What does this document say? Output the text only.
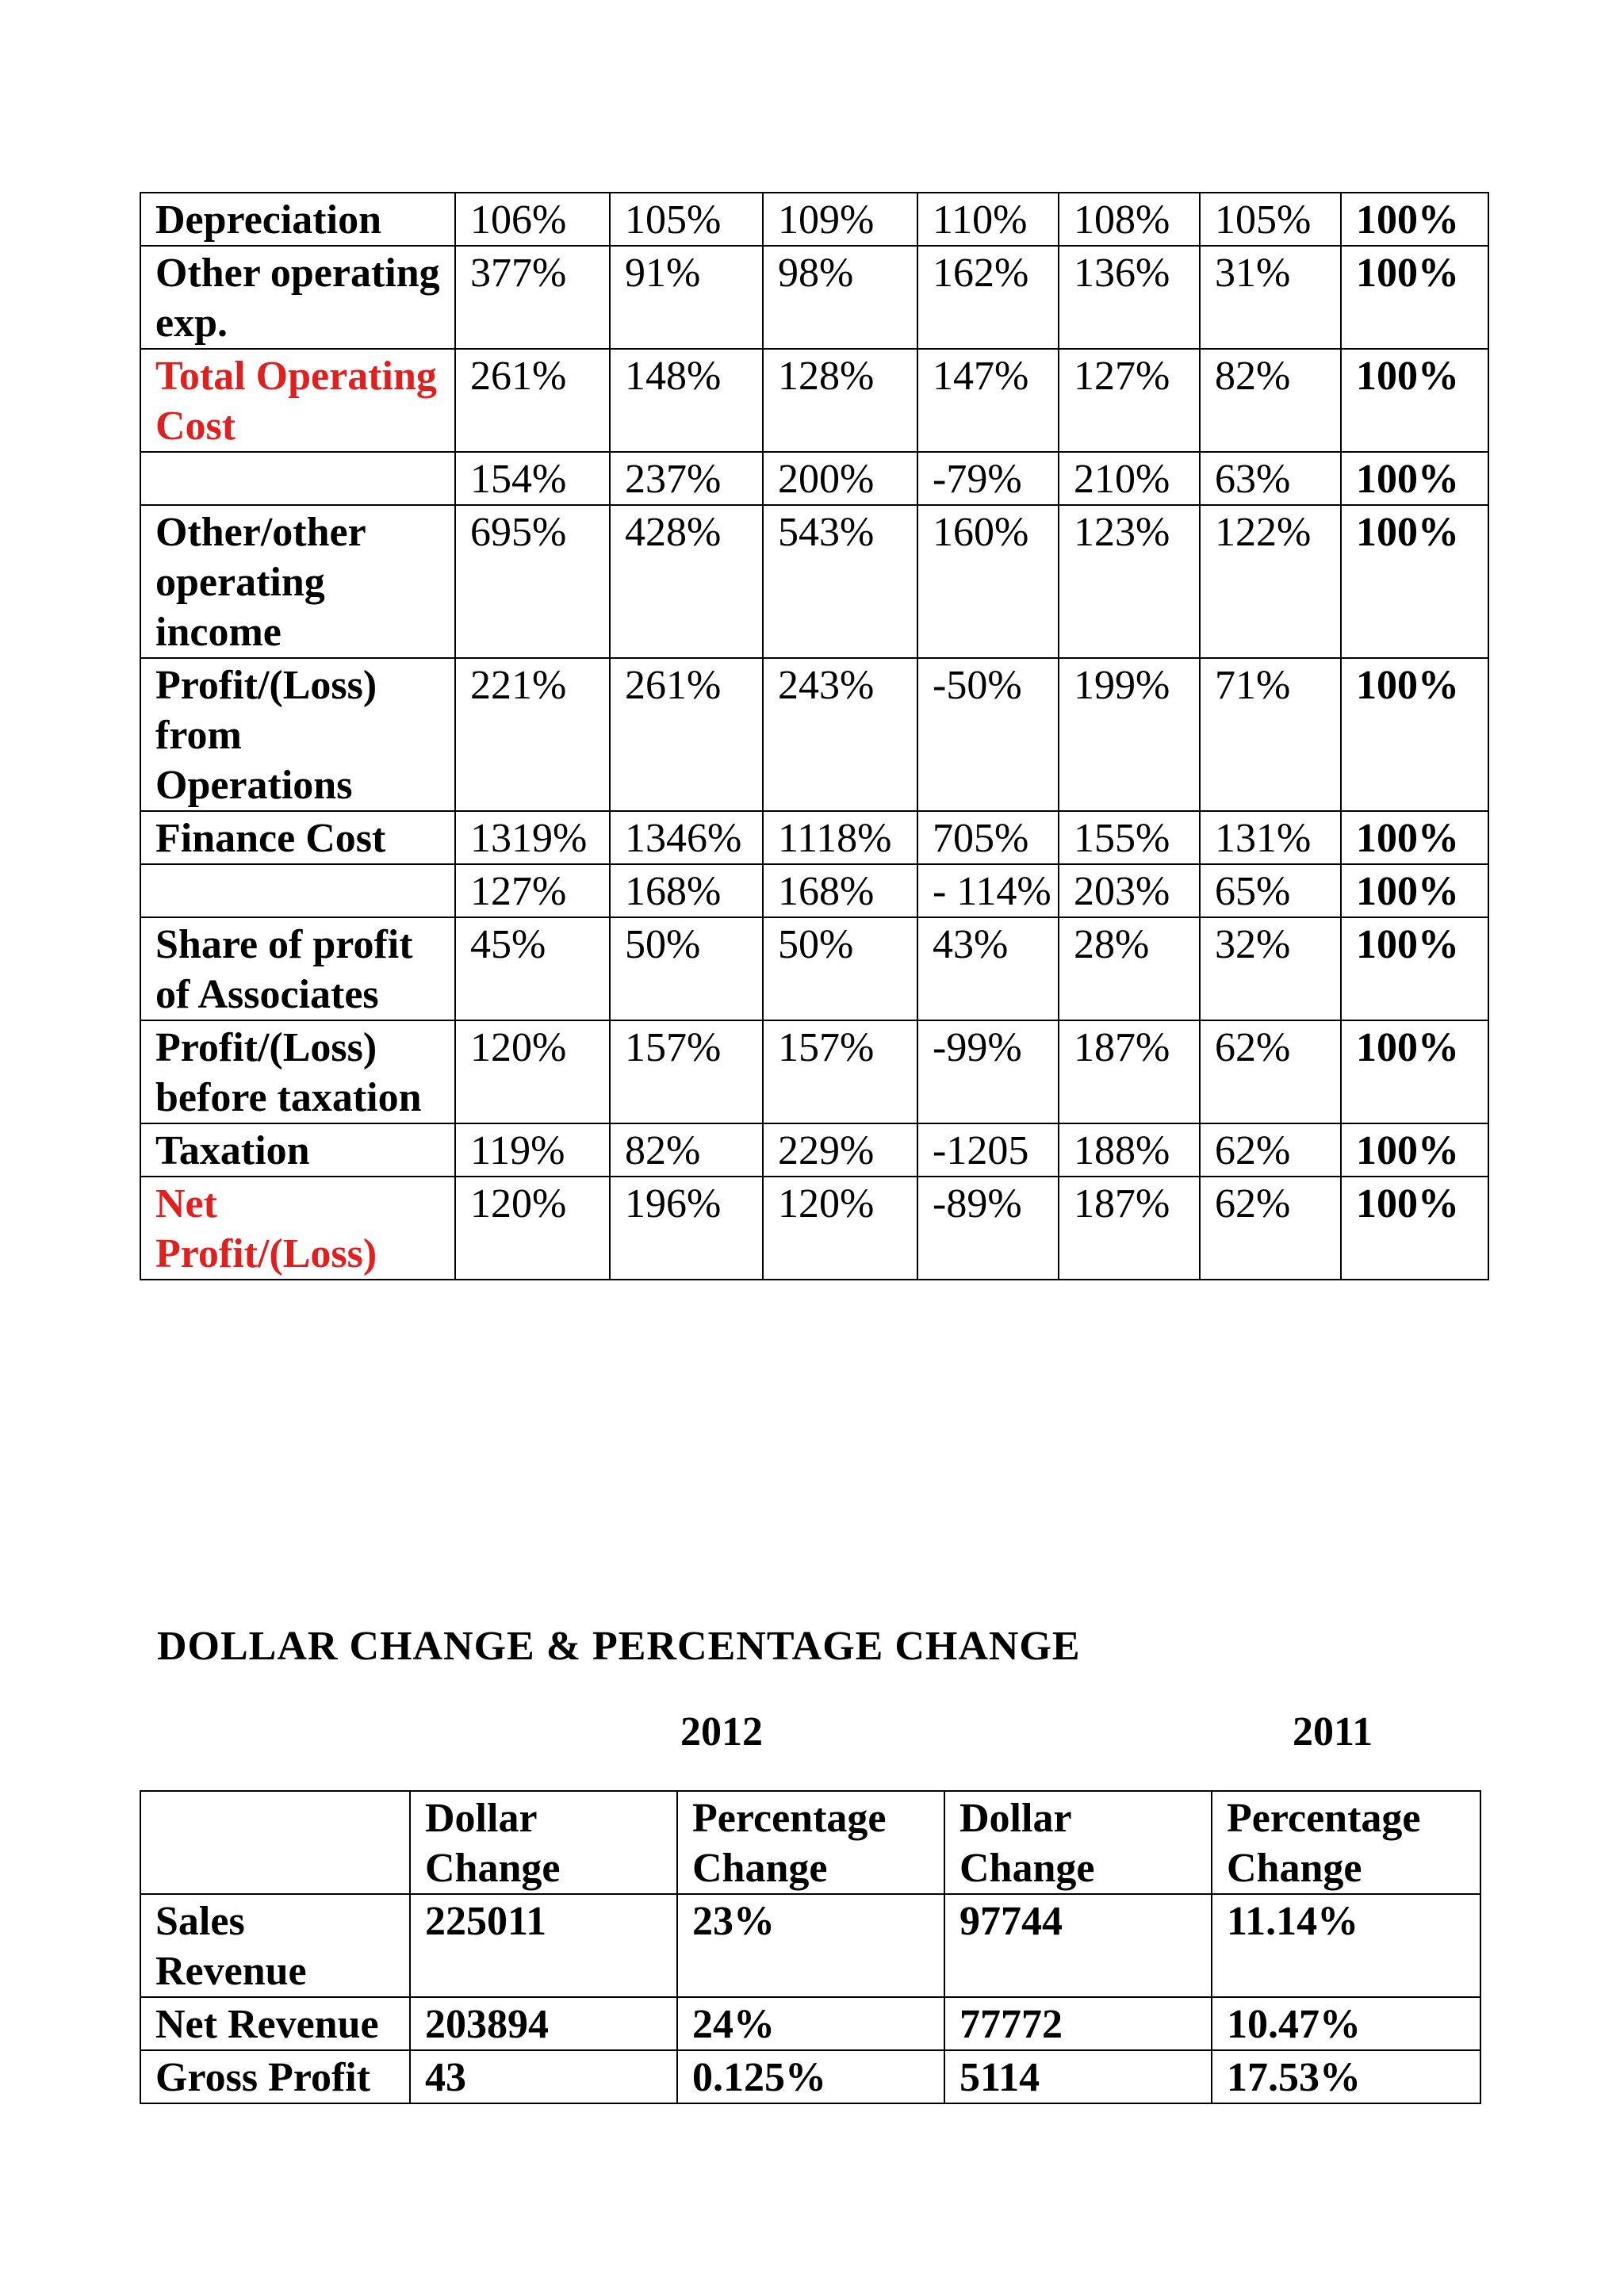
Depreciation	106%	105%	109%	110%	108%	105%	100%
Other operating exp.	377%	91%	98%	162%	136%	31%	100%
Total Operating Cost	261%	148%	128%	147%	127%	82%	100%
	154%	237%	200%	-79%	210%	63%	100%
Other/other operating income	695%	428%	543%	160%	123%	122%	100%
Profit/(Loss) from Operations	221%	261%	243%	-50%	199%	71%	100%
Finance Cost	1319%	1346%	1118%	705%	155%	131%	100%
	127%	168%	168%	- 114%	203%	65%	100%
Share of profit of Associates	45%	50%	50%	43%	28%	32%	100%
Profit/(Loss) before taxation	120%	157%	157%	-99%	187%	62%	100%
Taxation	119%	82%	229%	-1205	188%	62%	100%
Net Profit/(Loss)	120%	196%	120%	-89%	187%	62%	100%
DOLLAR CHANGE & PERCENTAGE CHANGE
2012	2011
	Dollar Change	Percentage Change	Dollar Change	Percentage Change
Sales Revenue	225011	23%	97744	11.14%
Net Revenue	203894	24%	77772	10.47%
Gross Profit	43	0.125%	5114	17.53%
